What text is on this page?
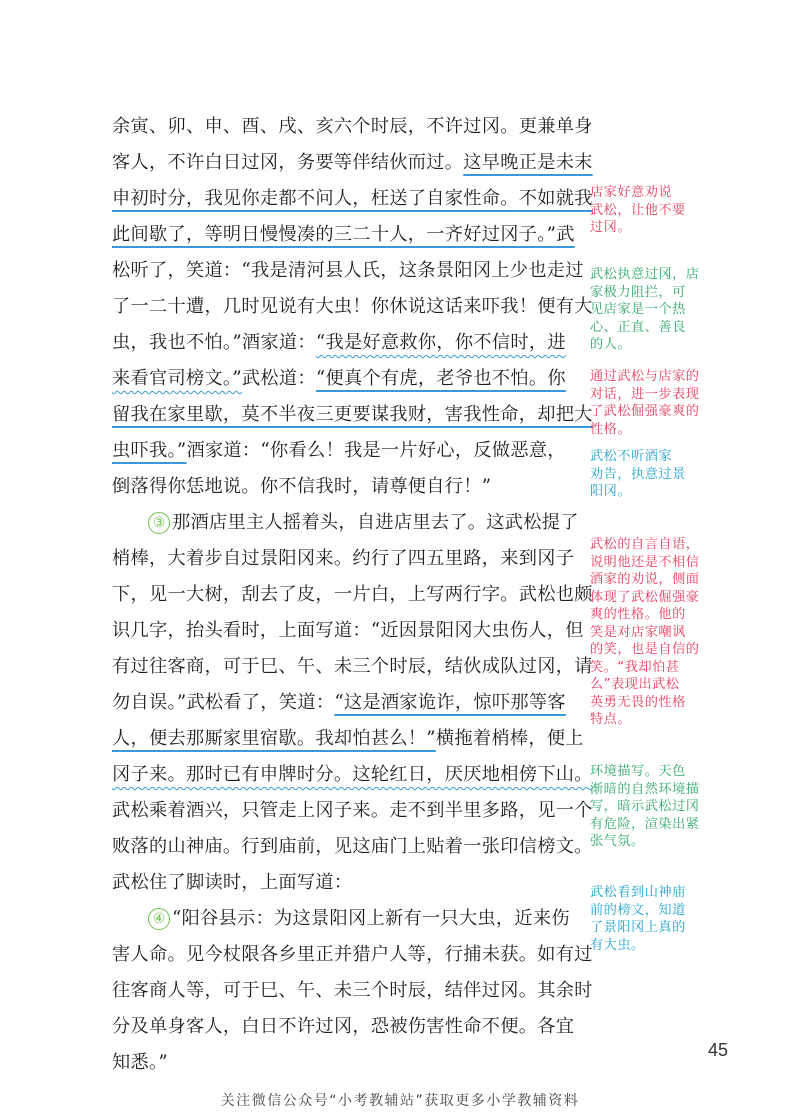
余寅、卯、申、酉、戌、亥六个时辰，不许过冈。更兼单身
客人，不许白日过冈，务要等伴结伙而过。这早晚正是未末
申初时分，我见你走都不问人，枉送了自家性命。不如就我
此间歇了，等明日慢慢凑的三二十人，一齐好过冈子。”武
松听了，笑道：“我是清河县人氏，这条景阳冈上少也走过
了一二十遭，几时见说有大虫！你休说这话来吓我！便有大
虫，我也不怕。”酒家道：“我是好意救你，你不信时，进
来看官司榜文。”武松道：“便真个有虎，老爷也不怕。你
留我在家里歇，莫不半夜三更要谋我财，害我性命，却把大
虫吓我。”酒家道：“你看么！我是一片好心，反做恶意，
倒落得你恁地说。你不信我时，请尊便自行！”
③ 那酒店里主人摇着头，自进店里去了。这武松提了
梢棒，大着步自过景阳冈来。约行了四五里路，来到冈子
下，见一大树，刮去了皮，一片白，上写两行字。武松也颇
识几字，抬头看时，上面写道：“近因景阳冈大虫伤人，但
有过往客商，可于巳、午、未三个时辰，结伙成队过冈，请
勿自误。”武松看了，笑道：“这是酒家诡诈，惊吓那等客
人，便去那厮家里宿歇。我却怕甚么！”横拖着梢棒，便上
冈子来。那时已有申牌时分。这轮红日，厌厌地相傍下山。
武松乘着酒兴，只管走上冈子来。走不到半里多路，见一个
败落的山神庙。行到庙前，见这庙门上贴着一张印信榜文。
武松住了脚读时，上面写道：
④ “阳谷县示：为这景阳冈上新有一只大虫，近来伤
害人命。见今杖限各乡里正并猎户人等，行捕未获。如有过
往客商人等，可于巳、午、未三个时辰，结伴过冈。其余时
分及单身客人，白日不许过冈，恐被伤害性命不便。各宜
知悉。”
店家好意劝说
武松，让他不要
过冈。
武松执意过冈，店
家极力阻拦，可
见店家是一个热
心、正直、善良
的人。
通过武松与店家的
对话，进一步表现
了武松倔强豪爽的
性格。
武松不听酒家
劝告，执意过景
阳冈。
武松的自言自语，
说明他还是不相信
酒家的劝说，侧面
体现了武松倔强豪
爽的性格。他的
笑是对店家嘲讽
的笑，也是自信的
笑。“我却怕甚
么”表现出武松
英勇无畏的性格
特点。
环境描写。天色
渐暗的自然环境描
写，暗示武松过冈
有危险，渲染出紧
张气氛。
武松看到山神庙
前的榜文，知道
了景阳冈上真的
有大虫。
45
关注微信公众号“小考教辅站”获取更多小学教辅资料
